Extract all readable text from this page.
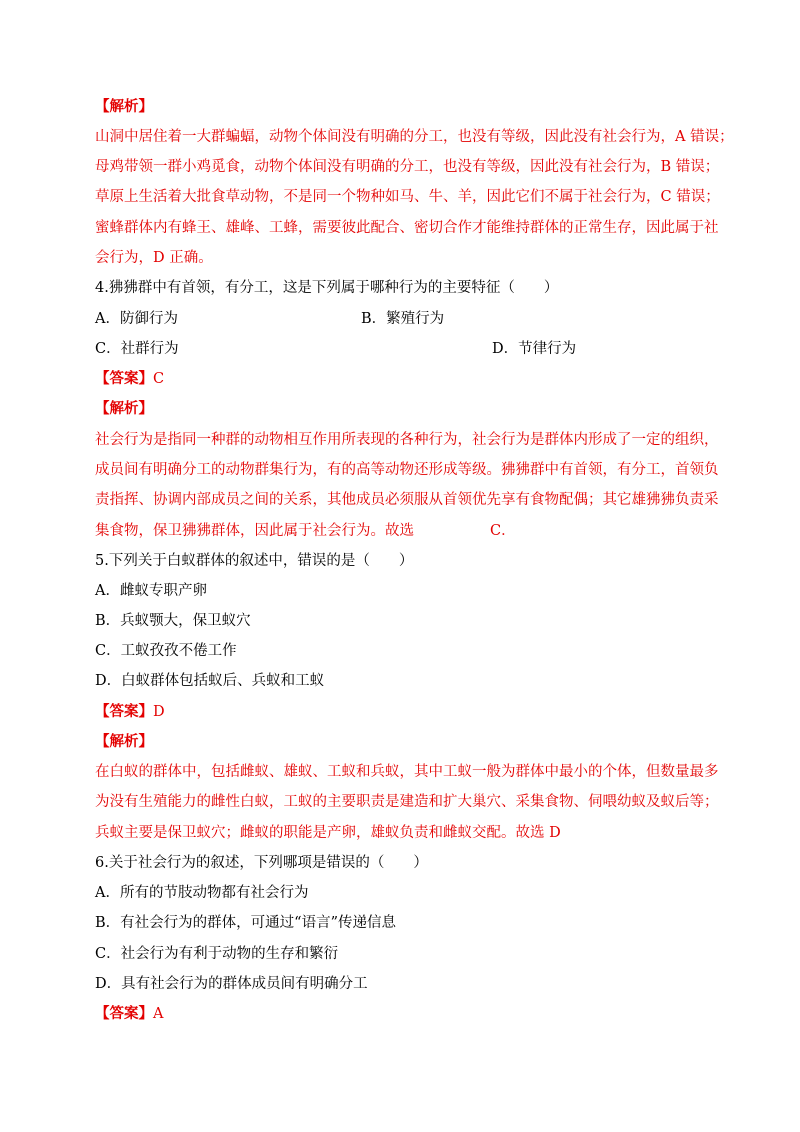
【解析】
山洞中居住着一大群蝙蝠，动物个体间没有明确的分工，也没有等级，因此没有社会行为，A 错误；
母鸡带领一群小鸡觅食，动物个体间没有明确的分工，也没有等级，因此没有社会行为，B 错误；
草原上生活着大批食草动物，不是同一个物种如马、牛、羊，因此它们不属于社会行为，C 错误；
蜜蜂群体内有蜂王、雄峰、工蜂，需要彼此配合、密切合作才能维持群体的正常生存，因此属于社
会行为，D 正确。
4.狒狒群中有首领，有分工，这是下列属于哪种行为的主要特征（　　）
A．防御行为	B．繁殖行为
C．社群行为	D．节律行为
【答案】C
【解析】
社会行为是指同一种群的动物相互作用所表现的各种行为，社会行为是群体内形成了一定的组织，
成员间有明确分工的动物群集行为，有的高等动物还形成等级。狒狒群中有首领，有分工，首领负
责指挥、协调内部成员之间的关系，其他成员必须服从首领优先享有食物配偶；其它雄狒狒负责采
集食物，保卫狒狒群体，因此属于社会行为。故选	C．
5.下列关于白蚁群体的叙述中，错误的是（　　）
A．雌蚁专职产卵
B．兵蚁颚大，保卫蚁穴
C．工蚁孜孜不倦工作
D．白蚁群体包括蚁后、兵蚁和工蚁
【答案】D
【解析】
在白蚁的群体中，包括雌蚁、雄蚁、工蚁和兵蚁，其中工蚁一般为群体中最小的个体，但数量最多
为没有生殖能力的雌性白蚁，工蚁的主要职责是建造和扩大巢穴、采集食物、伺喂幼蚁及蚁后等；
兵蚁主要是保卫蚁穴；雌蚁的职能是产卵，雄蚁负责和雌蚁交配。故选 D
6.关于社会行为的叙述，下列哪项是错误的（　　）
A．所有的节肢动物都有社会行为
B．有社会行为的群体，可通过“语言”传递信息
C．社会行为有利于动物的生存和繁衍
D．具有社会行为的群体成员间有明确分工
【答案】A
